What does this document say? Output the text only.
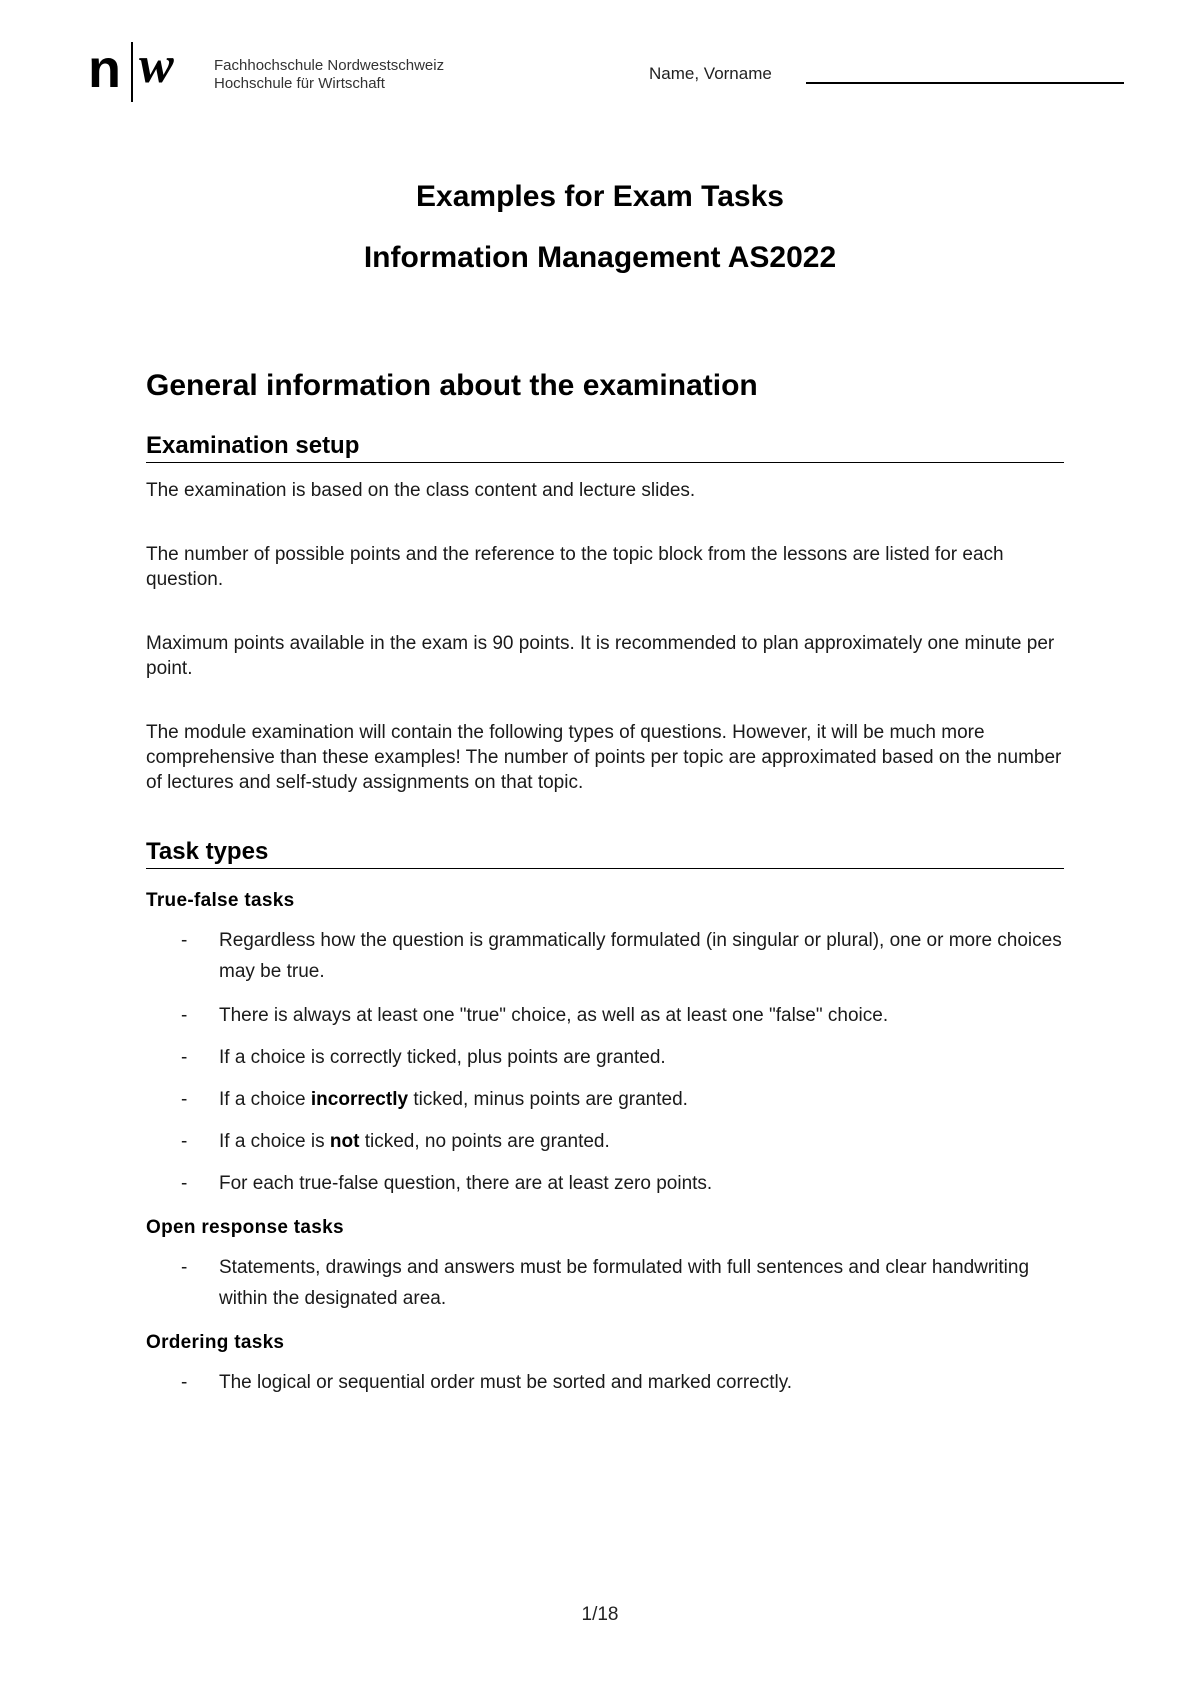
n w	Fachhochschule Nordwestschweiz
Hochschule für Wirtschaft
Name, Vorname
Examples for Exam Tasks
Information Management AS2022
General information about the examination
Examination setup
The examination is based on the class content and lecture slides.
The number of possible points and the reference to the topic block from the lessons are listed for each question.
Maximum points available in the exam is 90 points. It is recommended to plan approximately one minute per point.
The module examination will contain the following types of questions. However, it will be much more comprehensive than these examples! The number of points per topic are approximated based on the number of lectures and self-study assignments on that topic.
Task types
True-false tasks
- Regardless how the question is grammatically formulated (in singular or plural), one or more choices may be true.
- There is always at least one "true" choice, as well as at least one "false" choice.
- If a choice is correctly ticked, plus points are granted.
- If a choice incorrectly ticked, minus points are granted.
- If a choice is not ticked, no points are granted.
- For each true-false question, there are at least zero points.
Open response tasks
- Statements, drawings and answers must be formulated with full sentences and clear handwriting within the designated area.
Ordering tasks
- The logical or sequential order must be sorted and marked correctly.
1/18
